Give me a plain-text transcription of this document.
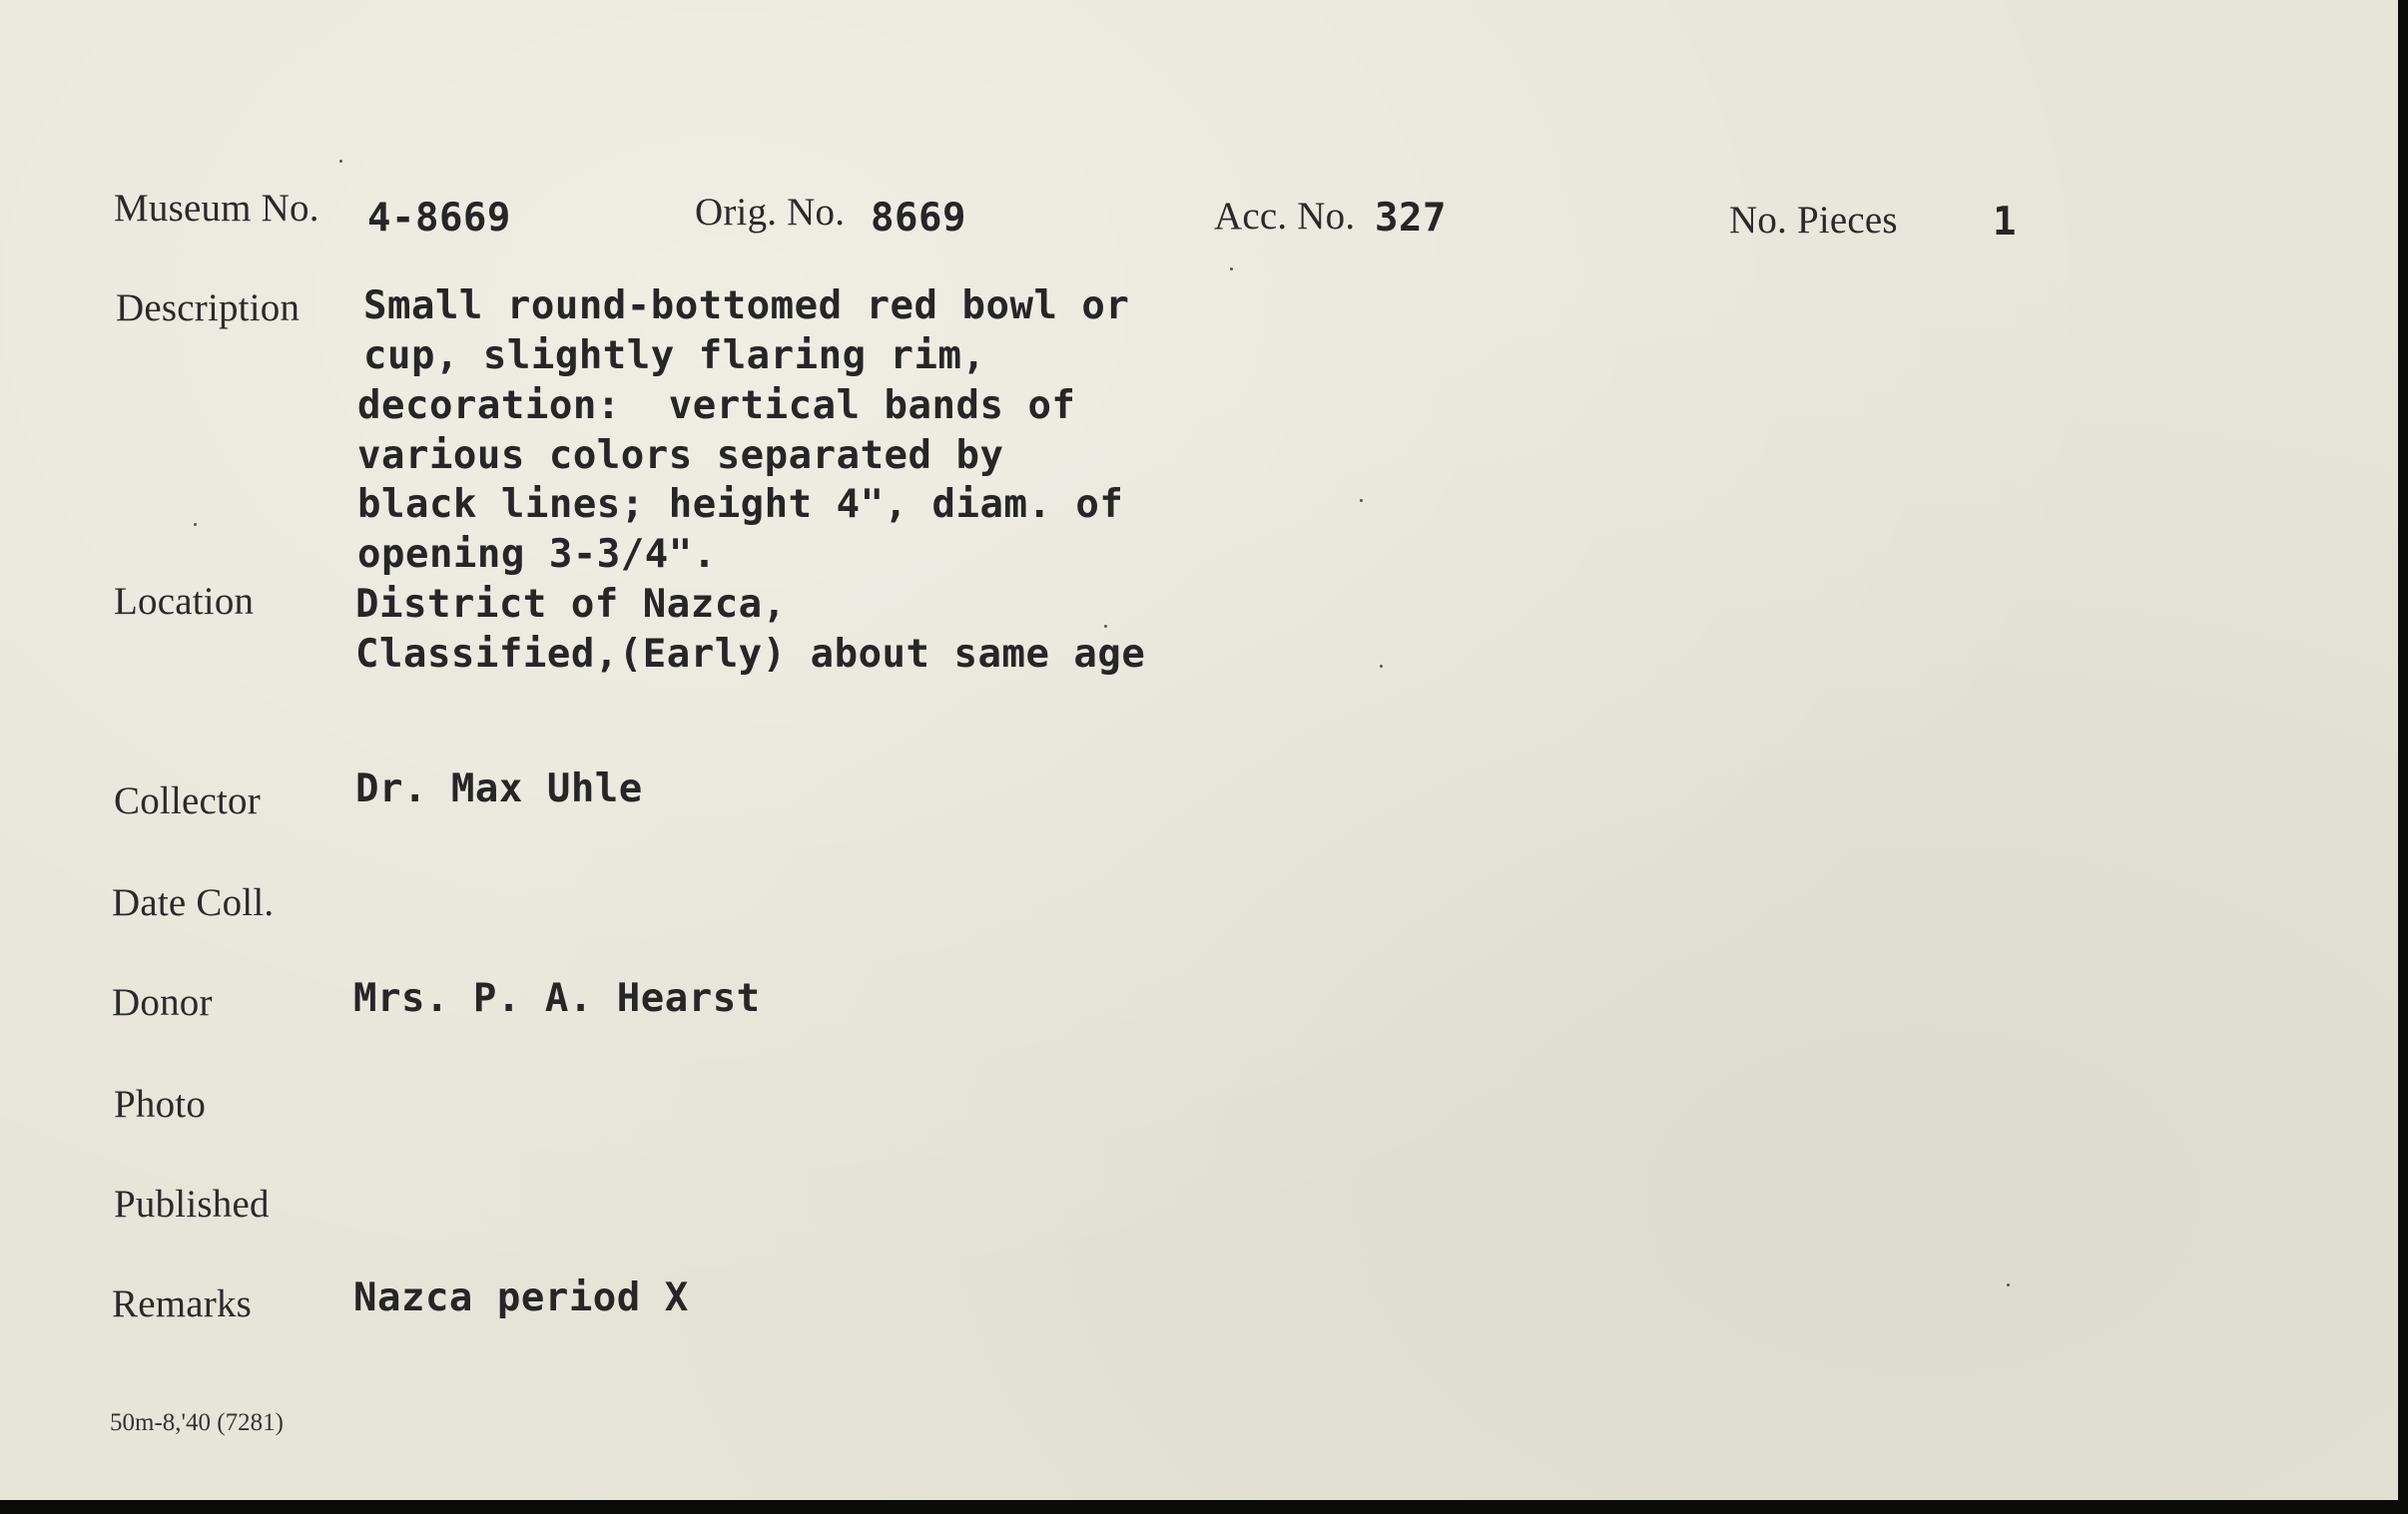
Museum No. 4-8669	Orig. No. 8669	Acc. No. 327	No. Pieces 1
Description Small round-bottomed red bowl or
cup, slightly flaring rim,
decoration:  vertical bands of
various colors separated by
black lines; height 4", diam. of
opening 3-3/4".
Location	District of Nazca,
Classified,(Early) about same age
Collector Dr. Max Uhle
Date Coll.
Donor	Mrs. P. A. Hearst
Photo
Published
Remarks	Nazca period X
50m-8,'40 (7281)
